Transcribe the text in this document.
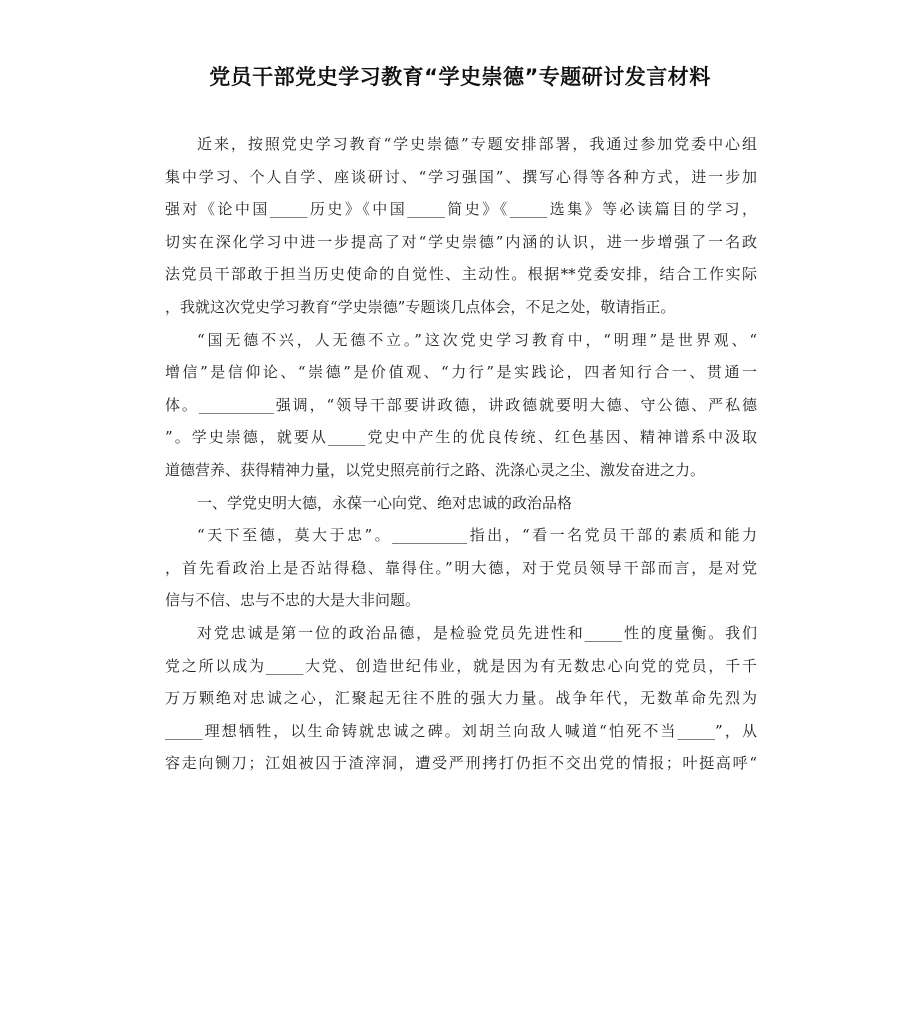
党员干部党史学习教育“学史崇德”专题研讨发言材料
近来，按照党史学习教育“学史崇德”专题安排部署，我通过参加党委中心组
集中学习、个人自学、座谈研讨、“学习强国”、撰写心得等各种方式，进一步加
强对《论中国_____历史》《中国_____简史》《_____选集》等必读篇目的学习，
切实在深化学习中进一步提高了对“学史崇德”内涵的认识，进一步增强了一名政
法党员干部敢于担当历史使命的自觉性、主动性。根据**党委安排，结合工作实际
，我就这次党史学习教育“学史崇德”专题谈几点体会，不足之处，敬请指正。
“国无德不兴，人无德不立。”这次党史学习教育中，“明理”是世界观、“
增信”是信仰论、“崇德”是价值观、“力行”是实践论，四者知行合一、贯通一
体。__________强调，“领导干部要讲政德，讲政德就要明大德、守公德、严私德
”。学史崇德，就要从_____党史中产生的优良传统、红色基因、精神谱系中汲取
道德营养、获得精神力量，以党史照亮前行之路、洗涤心灵之尘、激发奋进之力。
一、学党史明大德，永葆一心向党、绝对忠诚的政治品格
“天下至德，莫大于忠”。__________指出，“看一名党员干部的素质和能力
，首先看政治上是否站得稳、靠得住。”明大德，对于党员领导干部而言，是对党
信与不信、忠与不忠的大是大非问题。
对党忠诚是第一位的政治品德，是检验党员先进性和_____性的度量衡。我们
党之所以成为_____大党、创造世纪伟业，就是因为有无数忠心向党的党员，千千
万万颗绝对忠诚之心，汇聚起无往不胜的强大力量。战争年代，无数革命先烈为
_____理想牺牲，以生命铸就忠诚之碑。刘胡兰向敌人喊道“怕死不当_____”，从
容走向铡刀；江姐被囚于渣滓洞，遭受严刑拷打仍拒不交出党的情报；叶挺高呼“
